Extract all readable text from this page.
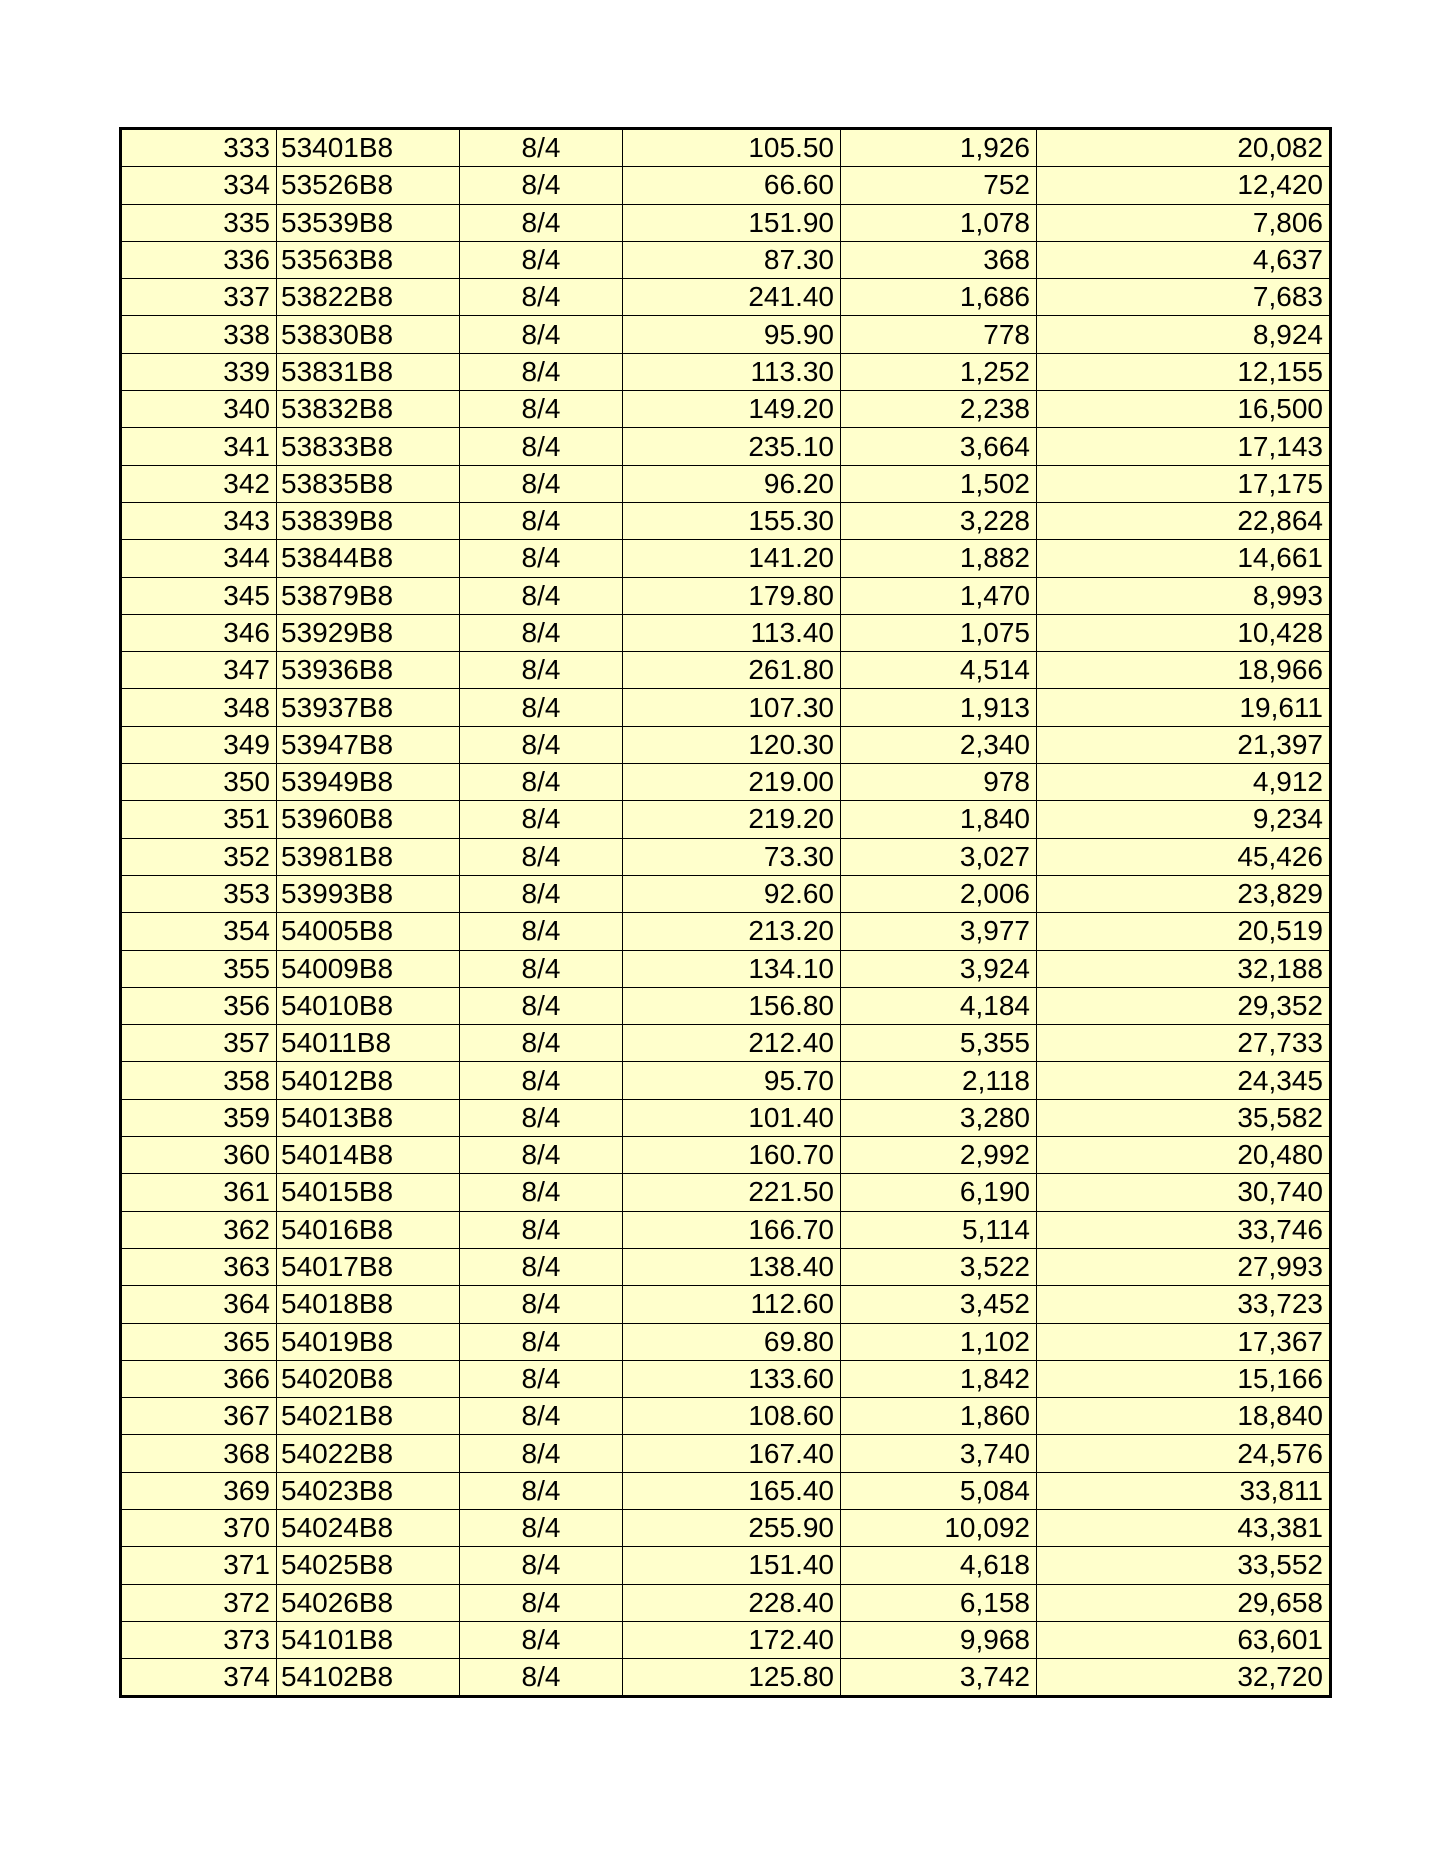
333	53401B8	8/4	105.50	1,926	20,082
334	53526B8	8/4	66.60	752	12,420
335	53539B8	8/4	151.90	1,078	7,806
336	53563B8	8/4	87.30	368	4,637
337	53822B8	8/4	241.40	1,686	7,683
338	53830B8	8/4	95.90	778	8,924
339	53831B8	8/4	113.30	1,252	12,155
340	53832B8	8/4	149.20	2,238	16,500
341	53833B8	8/4	235.10	3,664	17,143
342	53835B8	8/4	96.20	1,502	17,175
343	53839B8	8/4	155.30	3,228	22,864
344	53844B8	8/4	141.20	1,882	14,661
345	53879B8	8/4	179.80	1,470	8,993
346	53929B8	8/4	113.40	1,075	10,428
347	53936B8	8/4	261.80	4,514	18,966
348	53937B8	8/4	107.30	1,913	19,611
349	53947B8	8/4	120.30	2,340	21,397
350	53949B8	8/4	219.00	978	4,912
351	53960B8	8/4	219.20	1,840	9,234
352	53981B8	8/4	73.30	3,027	45,426
353	53993B8	8/4	92.60	2,006	23,829
354	54005B8	8/4	213.20	3,977	20,519
355	54009B8	8/4	134.10	3,924	32,188
356	54010B8	8/4	156.80	4,184	29,352
357	54011B8	8/4	212.40	5,355	27,733
358	54012B8	8/4	95.70	2,118	24,345
359	54013B8	8/4	101.40	3,280	35,582
360	54014B8	8/4	160.70	2,992	20,480
361	54015B8	8/4	221.50	6,190	30,740
362	54016B8	8/4	166.70	5,114	33,746
363	54017B8	8/4	138.40	3,522	27,993
364	54018B8	8/4	112.60	3,452	33,723
365	54019B8	8/4	69.80	1,102	17,367
366	54020B8	8/4	133.60	1,842	15,166
367	54021B8	8/4	108.60	1,860	18,840
368	54022B8	8/4	167.40	3,740	24,576
369	54023B8	8/4	165.40	5,084	33,811
370	54024B8	8/4	255.90	10,092	43,381
371	54025B8	8/4	151.40	4,618	33,552
372	54026B8	8/4	228.40	6,158	29,658
373	54101B8	8/4	172.40	9,968	63,601
374	54102B8	8/4	125.80	3,742	32,720
